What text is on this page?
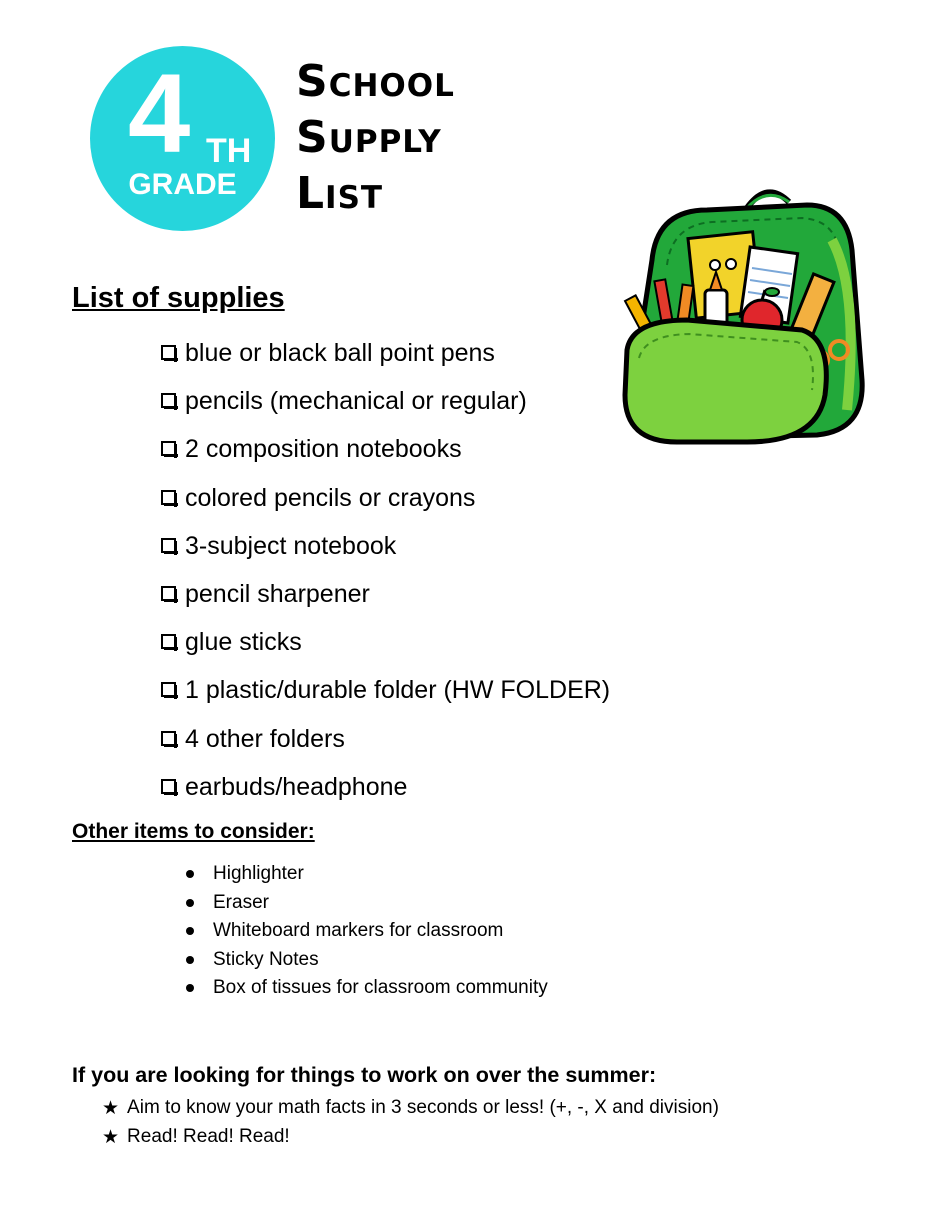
4 TH
GRADE
School
Supply
List
List of supplies
blue or black ball point pens
pencils (mechanical or regular)
2 composition notebooks
colored pencils or crayons
3-subject notebook
pencil sharpener
glue sticks
1 plastic/durable folder (HW FOLDER)
4 other folders
earbuds/headphone
Other items to consider:
Highlighter
Eraser
Whiteboard markers for classroom
Sticky Notes
Box of tissues for classroom community
If you are looking for things to work on over the summer:
★ Aim to know your math facts in 3 seconds or less! (+, -, X and division)
★ Read! Read! Read!
